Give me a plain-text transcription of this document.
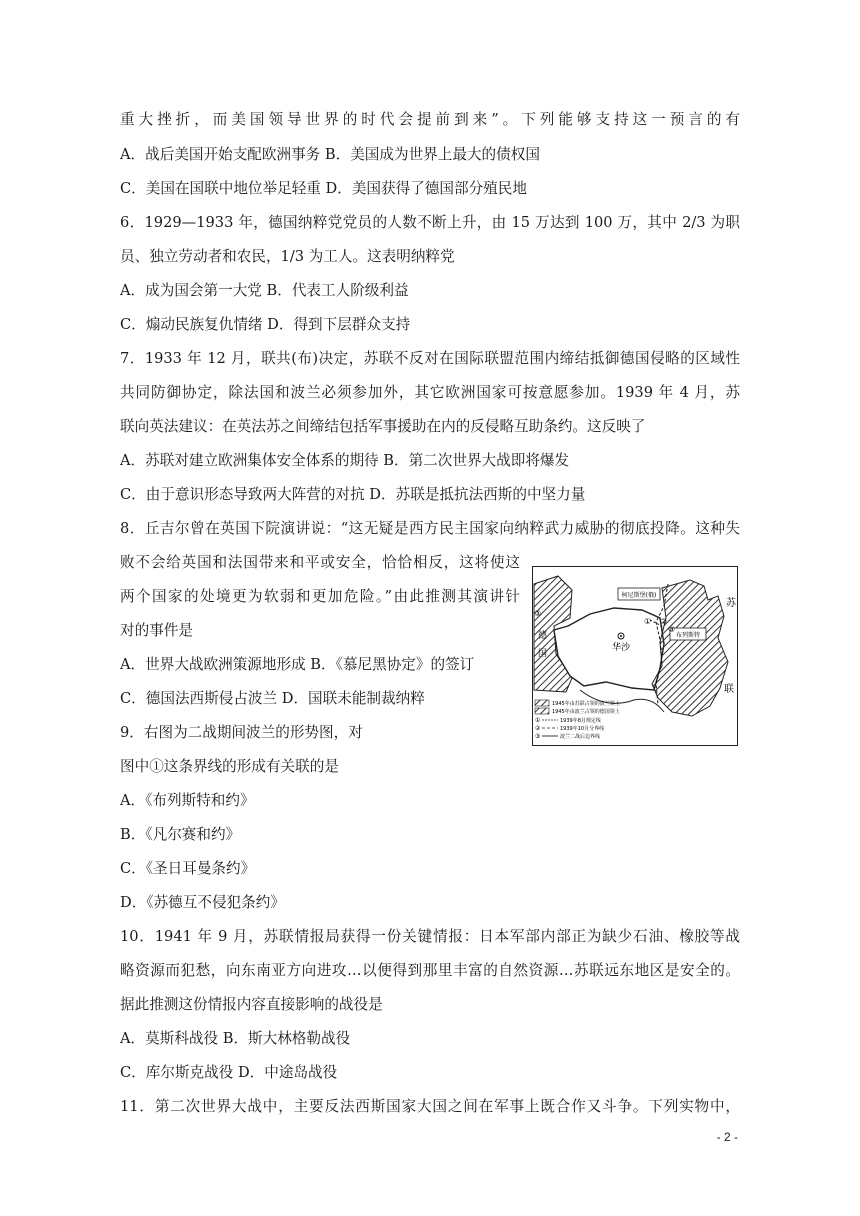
重大挫折，而美国领导世界的时代会提前到来”。下列能够支持这一预言的有
A．战后美国开始支配欧洲事务 B．美国成为世界上最大的债权国
C．美国在国联中地位举足轻重 D．美国获得了德国部分殖民地
6．1929—1933 年，德国纳粹党党员的人数不断上升，由 15 万达到 100 万，其中 2/3 为职
员、独立劳动者和农民，1/3 为工人。这表明纳粹党
A．成为国会第一大党 B．代表工人阶级利益
C．煽动民族复仇情绪 D．得到下层群众支持
7．1933 年 12 月，联共(布)决定，苏联不反对在国际联盟范围内缔结抵御德国侵略的区域性
共同防御协定，除法国和波兰必须参加外，其它欧洲国家可按意愿参加。1939 年 4 月，苏
联向英法建议：在英法苏之间缔结包括军事援助在内的反侵略互助条约。这反映了
A．苏联对建立欧洲集体安全体系的期待 B．第二次世界大战即将爆发
C．由于意识形态导致两大阵营的对抗 D．苏联是抵抗法西斯的中坚力量
8．丘吉尔曾在英国下院演讲说：“这无疑是西方民主国家向纳粹武力威胁的彻底投降。这种失
败不会给英国和法国带来和平或安全，恰恰相反，这将使这
两个国家的处境更为软弱和更加危险。”由此推测其演讲针
对的事件是
A．世界大战欧洲策源地形成 B．《慕尼黑协定》的签订
C．德国法西斯侵占波兰 D．国联未能制裁纳粹
9．右图为二战期间波兰的形势图，对
图中①这条界线的形成有关联的是
A．《布列斯特和约》
B．《凡尔赛和约》
C．《圣日耳曼条约》
D．《苏德互不侵犯条约》
10．1941 年 9 月，苏联情报局获得一份关键情报：日本军部内部正为缺少石油、橡胶等战
略资源而犯愁，向东南亚方向进攻…以便得到那里丰富的自然资源…苏联远东地区是安全的。
据此推测这份情报内容直接影响的战役是
A．莫斯科战役 B．斯大林格勒战役
C．库尔斯克战役 D．中途岛战役
11．第二次世界大战中，主要反法西斯国家大国之间在军事上既合作又斗争。下列实物中，
柯尼斯堡(俄)
布列斯特
① ②
③
③
华沙
德
国
苏
联
1945年由苏联占领的波兰领土
1945年由波兰占领的德国领土
①	1939年8月规定线
②	1939年10月分界线
③	波兰二战后边界线
- 2 -
